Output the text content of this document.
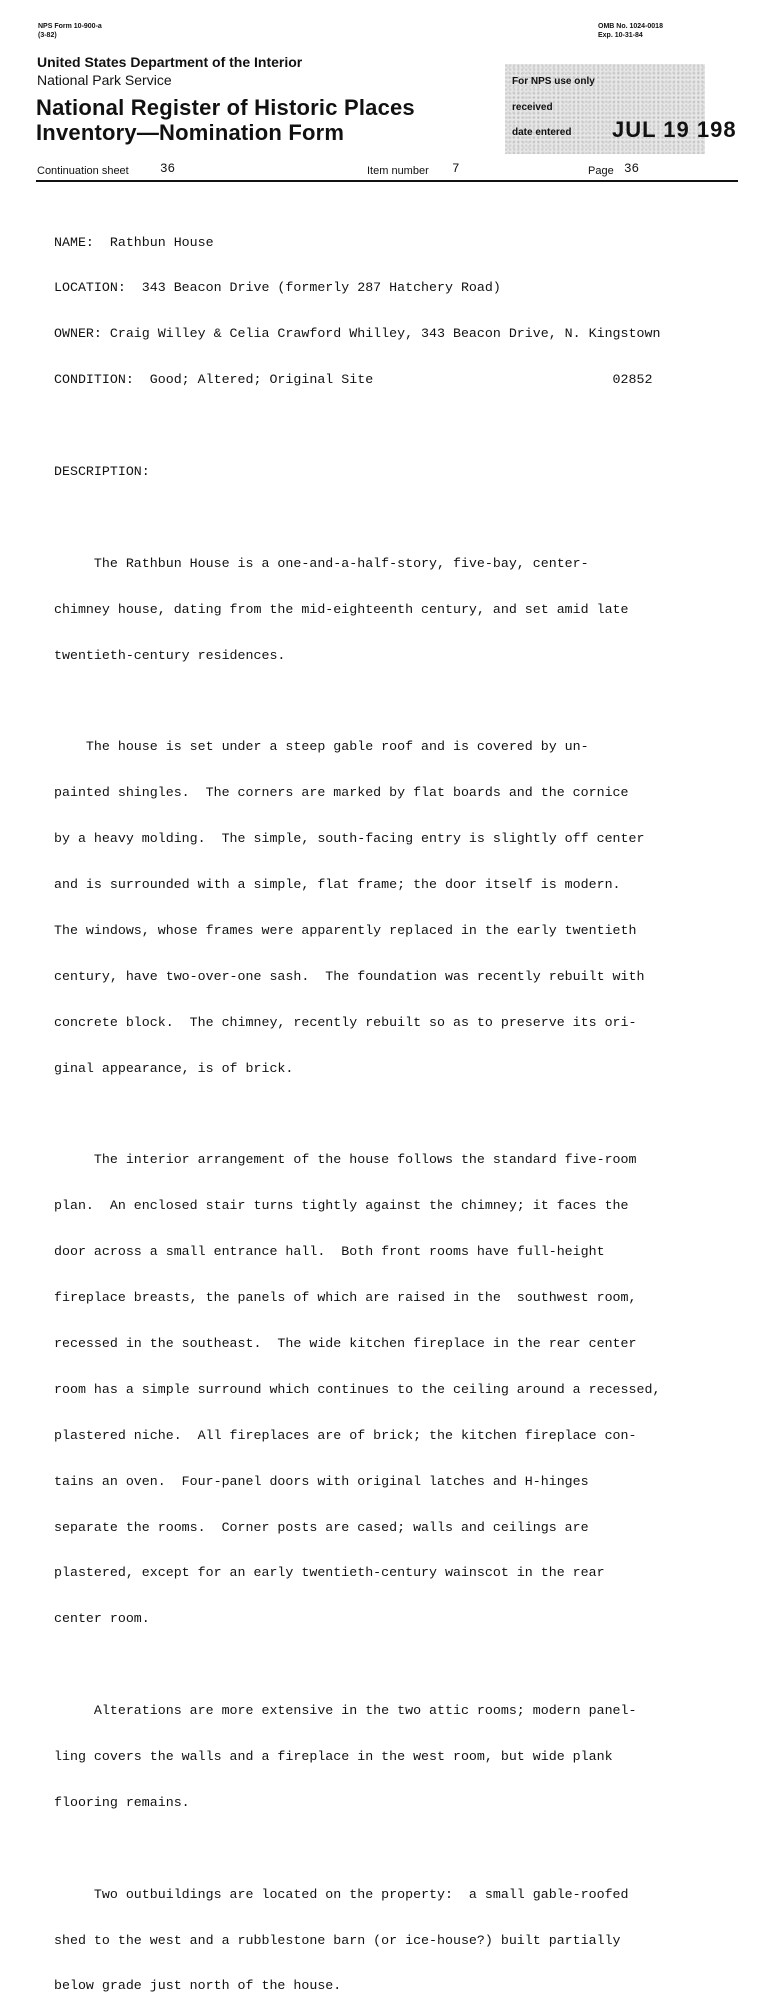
NPS Form 10-900-a
(3-82)
OMB No. 1024-0018
Exp. 10-31-84
United States Department of the Interior
National Park Service
National Register of Historic Places
Inventory—Nomination Form
For NPS use only
received
date entered JUL 19 198
Continuation sheet 36	Item number 7	Page 36

NAME:  Rathbun House

LOCATION:  343 Beacon Drive (formerly 287 Hatchery Road)

OWNER: Craig Willey & Celia Crawford Whilley, 343 Beacon Drive, N. Kingstown

CONDITION:  Good; Altered; Original Site                              02852

DESCRIPTION:

The Rathbun House is a one-and-a-half-story, five-bay, center-

chimney house, dating from the mid-eighteenth century, and set amid late

twentieth-century residences.

The house is set under a steep gable roof and is covered by un-

painted shingles.  The corners are marked by flat boards and the cornice

by a heavy molding.  The simple, south-facing entry is slightly off center

and is surrounded with a simple, flat frame; the door itself is modern.

The windows, whose frames were apparently replaced in the early twentieth

century, have two-over-one sash.  The foundation was recently rebuilt with

concrete block.  The chimney, recently rebuilt so as to preserve its ori-

ginal appearance, is of brick.

The interior arrangement of the house follows the standard five-room

plan.  An enclosed stair turns tightly against the chimney; it faces the

door across a small entrance hall.  Both front rooms have full-height

fireplace breasts, the panels of which are raised in the  southwest room,

recessed in the southeast.  The wide kitchen fireplace in the rear center

room has a simple surround which continues to the ceiling around a recessed,

plastered niche.  All fireplaces are of brick; the kitchen fireplace con-

tains an oven.  Four-panel doors with original latches and H-hinges

separate the rooms.  Corner posts are cased; walls and ceilings are

plastered, except for an early twentieth-century wainscot in the rear

center room.

Alterations are more extensive in the two attic rooms; modern panel-

ling covers the walls and a fireplace in the west room, but wide plank

flooring remains.

Two outbuildings are located on the property:  a small gable-roofed

shed to the west and a rubblestone barn (or ice-house?) built partially

below grade just north of the house.
